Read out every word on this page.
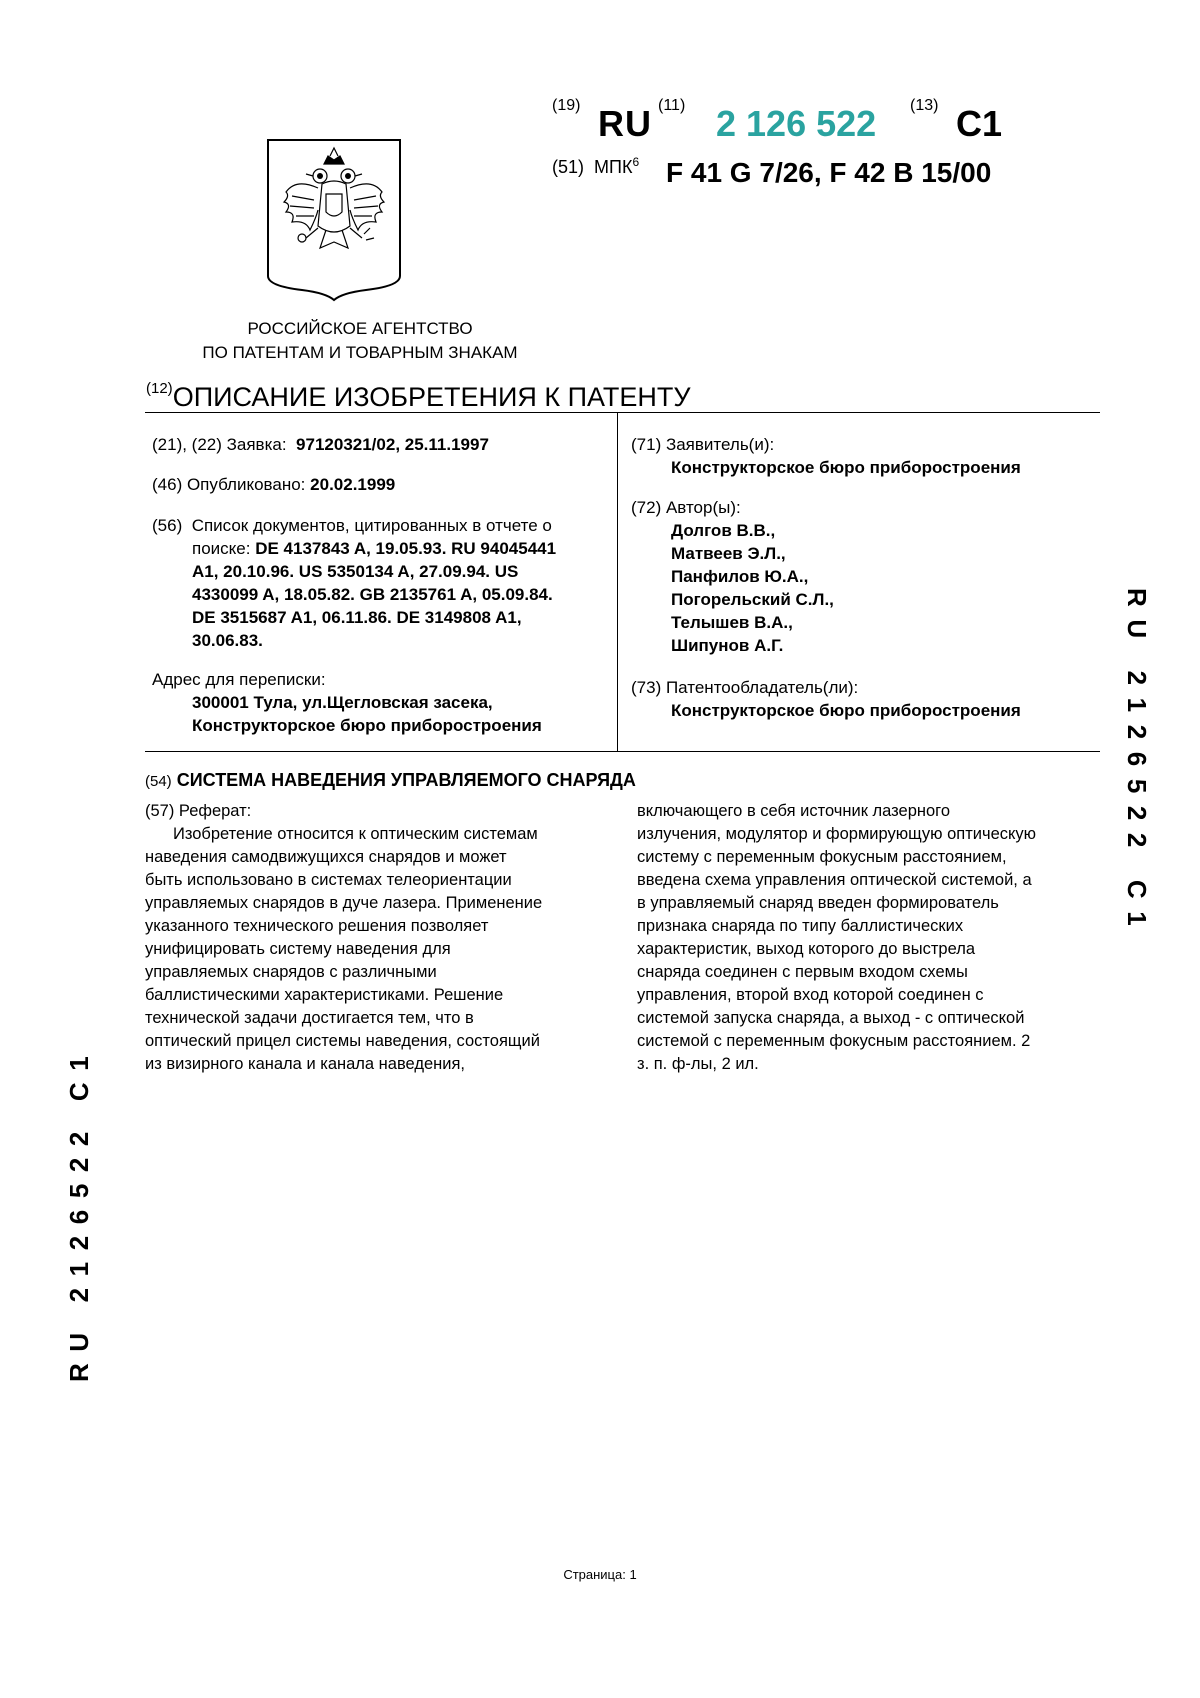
(19) RU (11) 2 126 522 (13) C1
(51) МПК$^6$ F 41 G 7/26, F 42 B 15/00
РОССИЙСКОЕ АГЕНТСТВО
ПО ПАТЕНТАМ И ТОВАРНЫМ ЗНАКАМ
(12)ОПИСАНИЕ ИЗОБРЕТЕНИЯ К ПАТЕНТУ
(21), (22) Заявка: 97120321/02, 25.11.1997
(46) Опубликовано: 20.02.1999
(56) Список документов, цитированных в отчете о
поиске: DE 4137843 A, 19.05.93. RU 94045441
A1, 20.10.96. US 5350134 A, 27.09.94. US
4330099 A, 18.05.82. GB 2135761 A, 05.09.84.
DE 3515687 A1, 06.11.86. DE 3149808 A1,
30.06.83.
Адрес для переписки:
300001 Тула, ул.Щегловская засека,
Конструкторское бюро приборостроения
(71) Заявитель(и):
Конструкторское бюро приборостроения
(72) Автор(ы):
Долгов В.В.,
Матвеев Э.Л.,
Панфилов Ю.А.,
Погорельский С.Л.,
Телышев В.А.,
Шипунов А.Г.
(73) Патентообладатель(ли):
Конструкторское бюро приборостроения
(54) СИСТЕМА НАВЕДЕНИЯ УПРАВЛЯЕМОГО СНАРЯДА

(57) Реферат:

Изобретение относится к оптическим системам

наведения самодвижущихся снарядов и может

быть использовано в системах телеориентации

управляемых снарядов в дуче лазера. Применение

указанного технического решения позволяет

унифицировать систему наведения для

управляемых снарядов с различными

баллистическими характеристиками. Решение

технической задачи достигается тем, что в

оптический прицел системы наведения, состоящий

из визирного канала и канала наведения,

включающего в себя источник лазерного

излучения, модулятор и формирующую оптическую

систему с переменным фокусным расстоянием,

введена схема управления оптической системой, а

в управляемый снаряд введен формирователь

признака снаряда по типу баллистических

характеристик, выход которого до выстрела

снаряда соединен с первым входом схемы

управления, второй вход которой соединен с

системой запуска снаряда, а выход - с оптической

системой с переменным фокусным расстоянием. 2

з. п. ф-лы, 2 ил.

RU 2126522 C1
RU 2126522 C1
Страница: 1
